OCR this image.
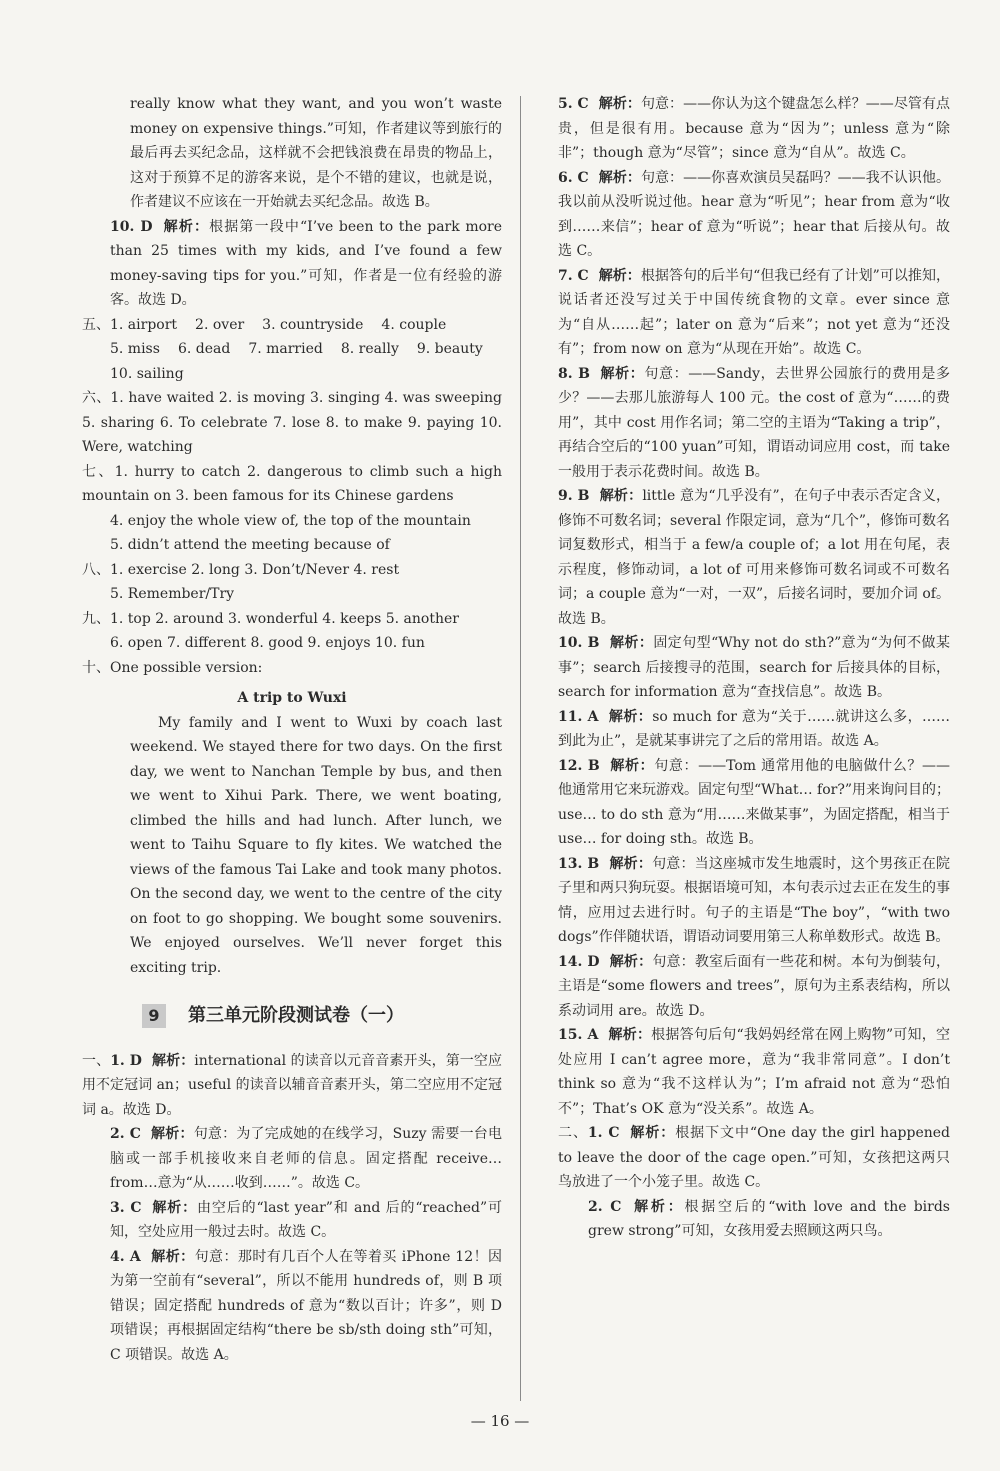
really know what they want, and you won’t waste money on expensive things.”可知，作者建议等到旅行的最后再去买纪念品，这样就不会把钱浪费在昂贵的物品上，这对于预算不足的游客来说，是个不错的建议，也就是说，作者建议不应该在一开始就去买纪念品。故选 B。

10. D 解析：根据第一段中“I’ve been to the park more than 25 times with my kids, and I’ve found a few money-saving tips for you.”可知，作者是一位有经验的游客。故选 D。

五、 1. airport 2. over 3. countryside 4. couple
5. miss 6. dead 7. married 8. really 9. beauty
10. sailing

六、1. have waited 2. is moving 3. singing 4. was sweeping 5. sharing 6. To celebrate 7. lose 8. to make 9. paying 10. Were, watching

七、1. hurry to catch 2. dangerous to climb such a high mountain on 3. been famous for its Chinese gardens

4. enjoy the whole view of, the top of the mountain

5. didn’t attend the meeting because of

八、1. exercise 2. long 3. Don’t/Never 4. rest

5. Remember/Try

九、1. top 2. around 3. wonderful 4. keeps 5. another

6. open 7. different 8. good 9. enjoys 10. fun

十、One possible version:

A trip to Wuxi

My family and I went to Wuxi by coach last weekend. We stayed there for two days. On the first day, we went to Nanchan Temple by bus, and then we went to Xihui Park. There, we went boating, climbed the hills and had lunch. After lunch, we went to Taihu Square to fly kites. We watched the views of the famous Tai Lake and took many photos. On the second day, we went to the centre of the city on foot to go shopping. We bought some souvenirs. We enjoyed ourselves. We’ll never forget this exciting trip.

9	第三单元阶段测试卷（一）

一、1. D 解析：international 的读音以元音音素开头，第一空应用不定冠词 an；useful 的读音以辅音音素开头，第二空应用不定冠词 a。故选 D。

2. C 解析：句意：为了完成她的在线学习，Suzy 需要一台电脑或一部手机接收来自老师的信息。固定搭配 receive…from…意为“从……收到……”。故选 C。

3. C 解析：由空后的“last year”和 and 后的“reached”可知，空处应用一般过去时。故选 C。

4. A 解析：句意：那时有几百个人在等着买 iPhone 12！因为第一空前有“several”，所以不能用 hundreds of，则 B 项错误；固定搭配 hundreds of 意为“数以百计；许多”，则 D 项错误；再根据固定结构“there be sb/sth doing sth”可知，C 项错误。故选 A。

5. C 解析：句意：——你认为这个键盘怎么样？——尽管有点贵，但是很有用。because 意为“因为”；unless 意为“除非”；though 意为“尽管”；since 意为“自从”。故选 C。

6. C 解析：句意：——你喜欢演员吴磊吗？——我不认识他。我以前从没听说过他。hear 意为“听见”；hear from 意为“收到……来信”；hear of 意为“听说”；hear that 后接从句。故选 C。

7. C 解析：根据答句的后半句“但我已经有了计划”可以推知，说话者还没写过关于中国传统食物的文章。ever since 意为“自从……起”；later on 意为“后来”；not yet 意为“还没有”；from now on 意为“从现在开始”。故选 C。

8. B 解析：句意：——Sandy，去世界公园旅行的费用是多少？——去那儿旅游每人 100 元。the cost of 意为“……的费用”，其中 cost 用作名词；第二空的主语为“Taking a trip”，再结合空后的“100 yuan”可知，谓语动词应用 cost，而 take 一般用于表示花费时间。故选 B。

9. B 解析：little 意为“几乎没有”，在句子中表示否定含义，修饰不可数名词；several 作限定词，意为“几个”，修饰可数名词复数形式，相当于 a few/a couple of；a lot 用在句尾，表示程度，修饰动词，a lot of 可用来修饰可数名词或不可数名词；a couple 意为“一对，一双”，后接名词时，要加介词 of。故选 B。

10. B 解析：固定句型“Why not do sth?”意为“为何不做某事”；search 后接搜寻的范围，search for 后接具体的目标，search for information 意为“查找信息”。故选 B。

11. A 解析：so much for 意为“关于……就讲这么多，……到此为止”，是就某事讲完了之后的常用语。故选 A。

12. B 解析：句意：——Tom 通常用他的电脑做什么？——他通常用它来玩游戏。固定句型“What… for?”用来询问目的；use… to do sth 意为“用……来做某事”，为固定搭配，相当于 use… for doing sth。故选 B。

13. B 解析：句意：当这座城市发生地震时，这个男孩正在院子里和两只狗玩耍。根据语境可知，本句表示过去正在发生的事情，应用过去进行时。句子的主语是“The boy”，“with two dogs”作伴随状语，谓语动词要用第三人称单数形式。故选 B。

14. D 解析：句意：教室后面有一些花和树。本句为倒装句，主语是“some flowers and trees”，原句为主系表结构，所以系动词用 are。故选 D。

15. A 解析：根据答句后句“我妈妈经常在网上购物”可知，空处应用 I can’t agree more，意为“我非常同意”。I don’t think so 意为“我不这样认为”；I’m afraid not 意为“恐怕不”；That’s OK 意为“没关系”。故选 A。

二、1. C 解析：根据下文中“One day the girl happened to leave the door of the cage open.”可知，女孩把这两只鸟放进了一个小笼子里。故选 C。

2. C 解析：根据空后的“with love and the birds grew strong”可知，女孩用爱去照顾这两只鸟。

— 16 —
